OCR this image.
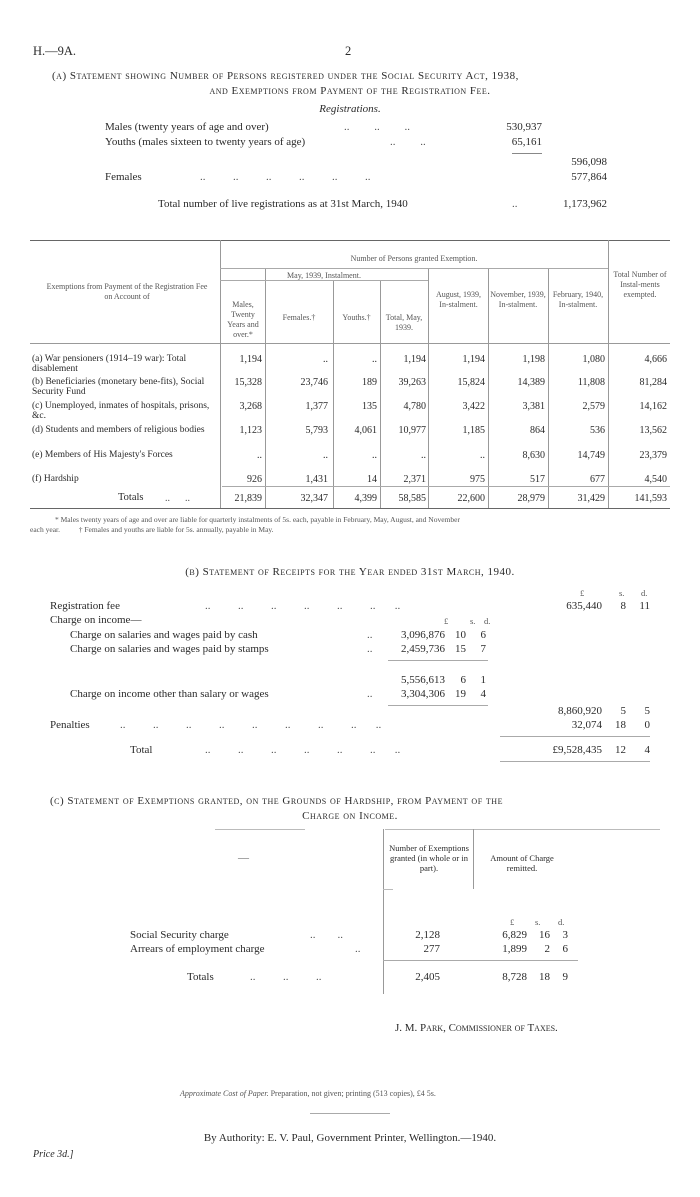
H.—9A.	2
(a) Statement showing Number of Persons registered under the Social Security Act, 1938,
and Exemptions from Payment of the Registration Fee.
Registrations.
Males (twenty years of age and over)	..         ..         ..	530,937
Youths (males sixteen to twenty years of age)	..         ..	65,161
596,098
Females	..          ..          ..          ..          ..          ..	577,864
Total number of live registrations as at 31st March, 1940	..	1,173,962
Exemptions from Payment of the Registration Fee on Account of
Number of Persons granted Exemption.
May, 1939, Instalment.
Males, Twenty Years and over.*
Females.†	Youths.†	Total, May, 1939.
August, 1939, In-stalment.
November, 1939, In-stalment.
February, 1940, In-stalment.
Total Number of Instal-ments exempted.
(a) War pensioners (1914–19 war): Total disablement
1,194	..	..	1,194	1,194	1,198	1,080	4,666
(b) Beneficiaries (monetary bene-fits), Social Security Fund
15,328	23,746	189	39,263	15,824	14,389	11,808	81,284
(c) Unemployed, inmates of hospitals, prisons, &c.
3,268	1,377	135	4,780	3,422	3,381	2,579	14,162
(d) Students and members of religious bodies	1,123	5,793	4,061	10,977	1,185	864	536	13,562
(e) Members of His Majesty's Forces	..	..	..	..	..	8,630	14,749	23,379
(f) Hardship	926	1,431	14	2,371	975	517	677	4,540
Totals ..      ..	21,839	32,347	4,399	58,585	22,600	28,979	31,429	141,593
* Males twenty years of age and over are liable for quarterly instalments of 5s. each, payable in February, May, August, and November
each year.          † Females and youths are liable for 5s. annually, payable in May.
(b) Statement of Receipts for the Year ended 31st March, 1940.
£	s. d.
Registration fee	..          ..          ..          ..          ..          ..       ..	635,440	8	11
Charge on income—	£	s. d.
Charge on salaries and wages paid by cash	..	3,096,876 10	6
Charge on salaries and wages paid by stamps	..	2,459,736 15	7
5,556,613	6	1
Charge on income other than salary or wages	..	3,304,306 19	4
8,860,920	5	5
Penalties	..          ..          ..          ..          ..          ..          ..          ..       ..	32,074	18	0
Total	..          ..          ..          ..          ..          ..       ..	£9,528,435	12	4
(c) Statement of Exemptions granted, on the Grounds of Hardship, from Payment of the
Charge on Income.
—
Number of Exemptions granted (in whole or in part).
Amount of Charge remitted.
£ s. d.
Social Security charge	..        ..	2,128	6,829	16	3
Arrears of employment charge	..	277	1,899	2	6
Totals	..          ..          ..	2,405	8,728	18	9
J. M. Park, Commissioner of Taxes.
Approximate Cost of Paper. Preparation, not given; printing (513 copies), £4 5s.
By Authority: E. V. Paul, Government Printer, Wellington.—1940.
Price 3d.]
